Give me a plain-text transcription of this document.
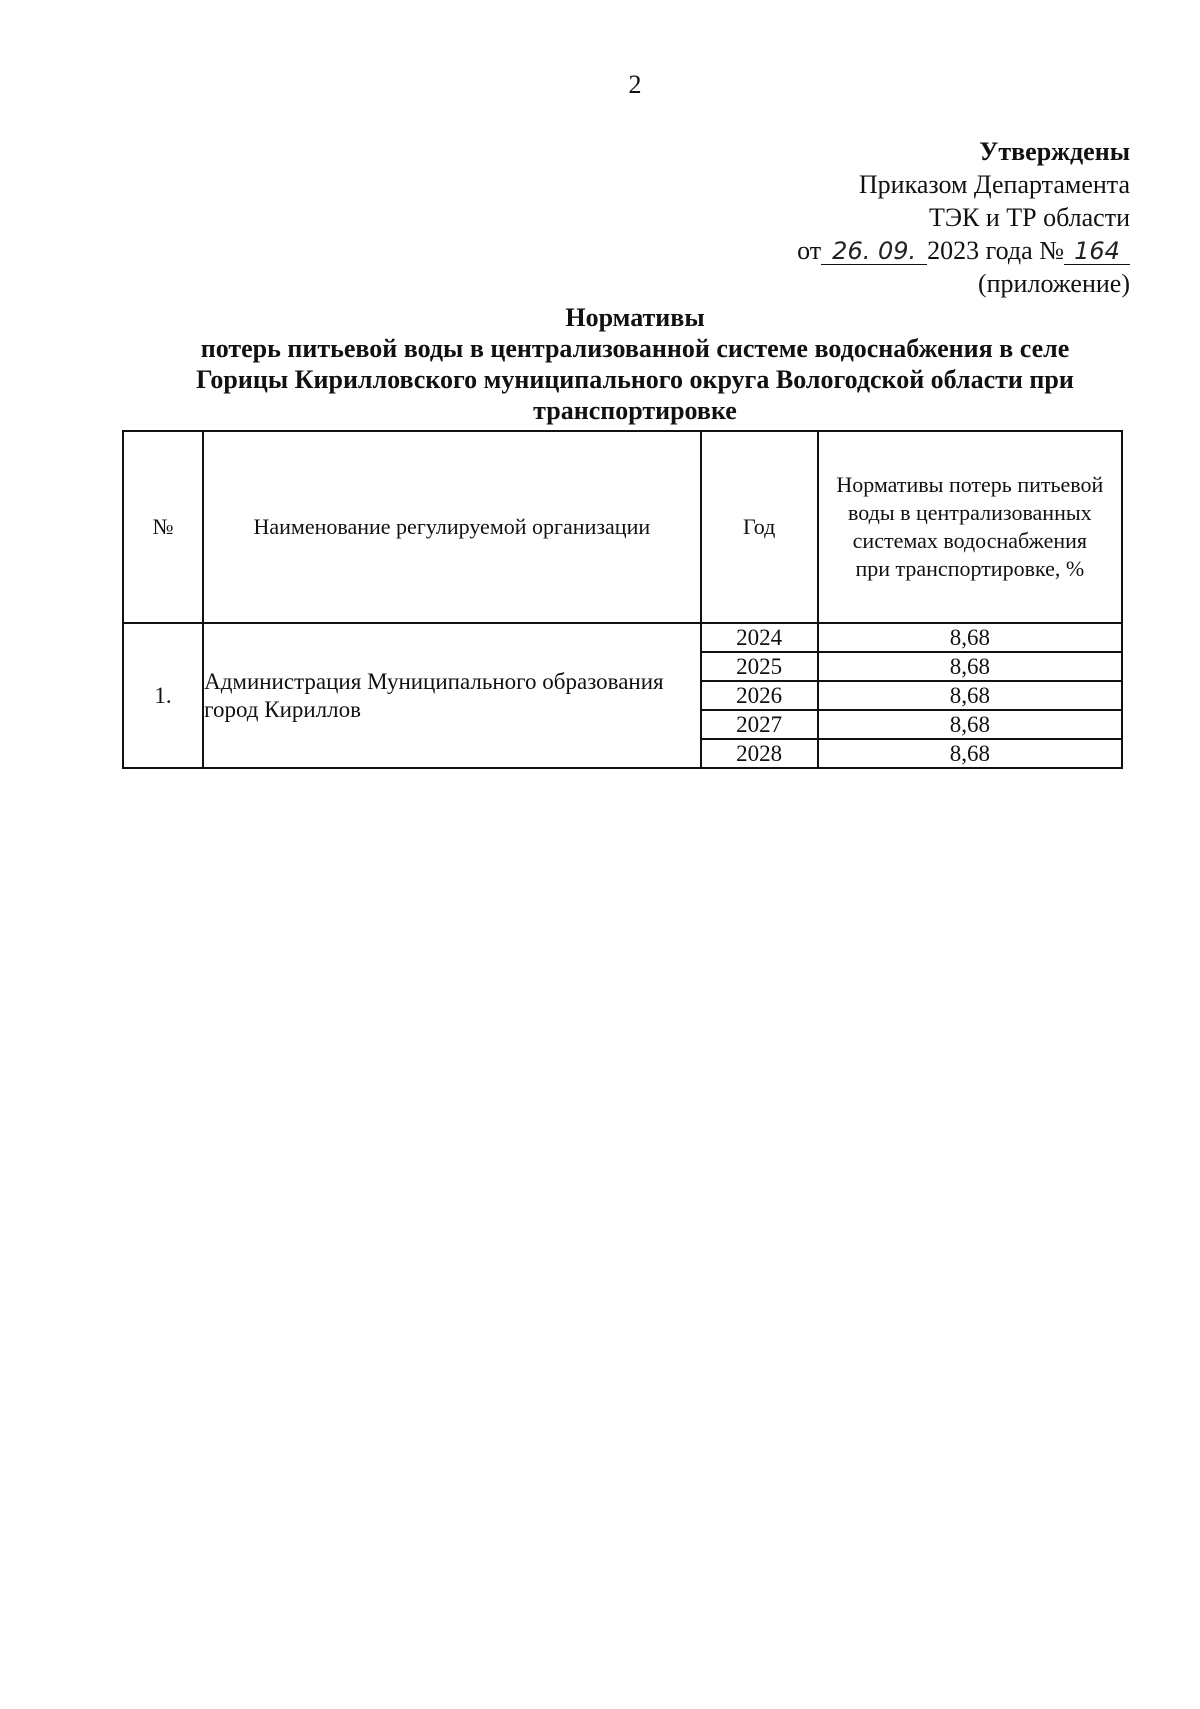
2
Утверждены
Приказом Департамента
ТЭК и ТР области
от 26. 09. 2023 года № 164
(приложение)
Нормативы
потерь питьевой воды в централизованной системе водоснабжения в селе
Горицы Кирилловского муниципального округа Вологодской области при
транспортировке
№	Наименование регулируемой организации	Год	Нормативы потерь питьевой воды в централизованных системах водоснабжения при транспортировке, %

1.	Администрация Муниципального образования город Кириллов	2024	8,68
		2025	8,68
		2026	8,68
		2027	8,68
		2028	8,68
